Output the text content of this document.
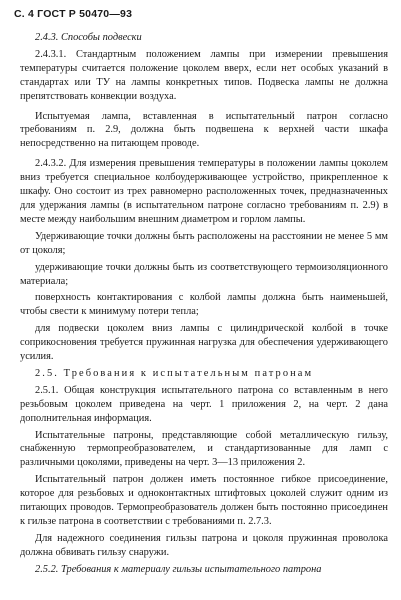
С. 4 ГОСТ Р 50470—93

2.4.3. Способы подвески

2.4.3.1. Стандартным положением лампы при измерении превышения температуры считается положение цоколем вверх, если нет особых указаний в стандартах или ТУ на лампы конкретных типов. Подвеска лампы не должна препятствовать конвекции воздуха.

Испытуемая лампа, вставленная в испытательный патрон согласно требованиям п. 2.9, должна быть подвешена к верхней части шкафа непосредственно на питающем проводе.

2.4.3.2. Для измерения превышения температуры в положении лампы цоколем вниз требуется специальное колбоудерживающее устройство, прикрепленное к шкафу. Оно состоит из трех равномерно расположенных точек, предназначенных для удержания лампы (в испытательном патроне согласно требованиям п. 2.9) в месте между наибольшим внешним диаметром и горлом лампы.

Удерживающие точки должны быть расположены на расстоянии не менее 5 мм от цоколя;

удерживающие точки должны быть из соответствующего термоизоляционного материала;

поверхность контактирования с колбой лампы должна быть наименьшей, чтобы свести к минимуму потери тепла;

для подвески цоколем вниз лампы с цилиндрической колбой в точке соприкосновения требуется пружинная нагрузка для обеспечения удерживающего усилия.

2.5. Требования к испытательным патронам

2.5.1. Общая конструкция испытательного патрона со вставленным в него резьбовым цоколем приведена на черт. 1 приложения 2, на черт. 2 дана дополнительная информация.

Испытательные патроны, представляющие собой металлическую гильзу, снабженную термопреобразователем, и стандартизованные для ламп с различными цоколями, приведены на черт. 3—13 приложения 2.

Испытательный патрон должен иметь постоянное гибкое присоединение, которое для резьбовых и одноконтактных штифтовых цоколей служит одним из питающих проводов. Термопреобразователь должен быть постоянно присоединен к гильзе патрона в соответствии с требованиями п. 2.7.3.

Для надежного соединения гильзы патрона и цоколя пружинная проволока должна обвивать гильзу снаружи.

2.5.2. Требования к материалу гильзы испытательного патрона
